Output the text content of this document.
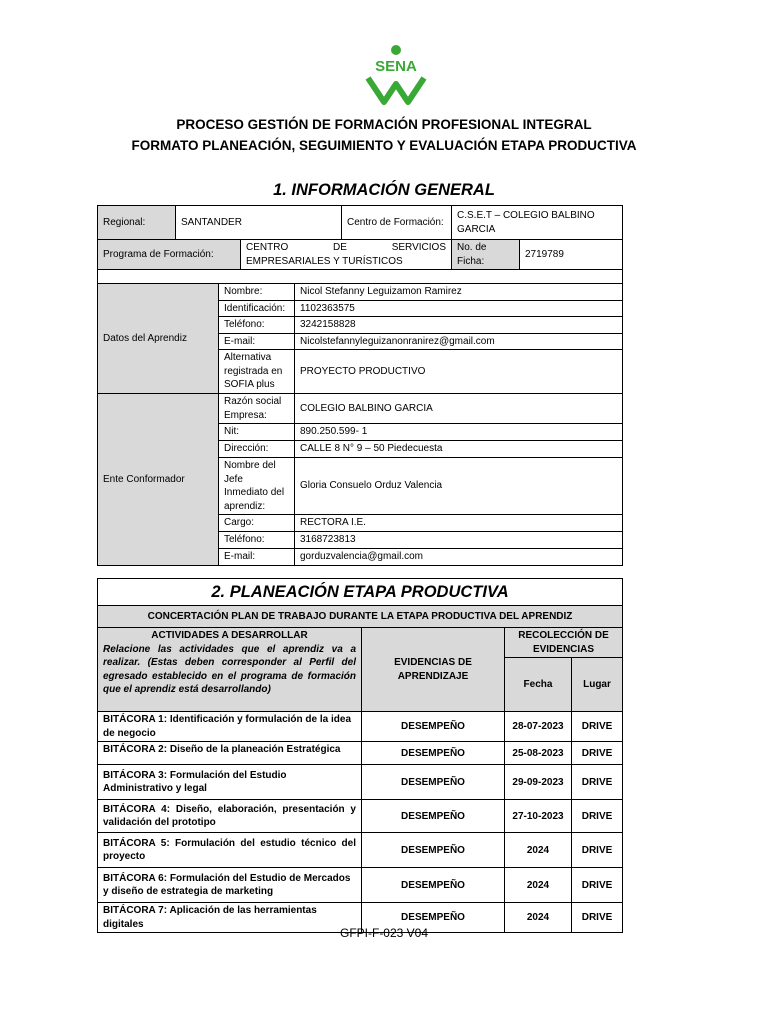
SENA
PROCESO GESTIÓN DE FORMACIÓN PROFESIONAL INTEGRAL
FORMATO PLANEACIÓN, SEGUIMIENTO Y EVALUACIÓN ETAPA PRODUCTIVA
1. INFORMACIÓN GENERAL
Regional:	SANTANDER	Centro de Formación:	C.S.E.T – COLEGIO BALBINO GARCIA
Programa de Formación:	CENTRO DE SERVICIOS EMPRESARIALES Y TURÍSTICOS	No. de Ficha:	2719789

Datos del Aprendiz	Nombre:	Nicol Stefanny Leguizamon Ramirez
	Identificación:	1102363575
	Teléfono:	3242158828
	E-mail:	Nicolstefannyleguizanonranirez@gmail.com
	Alternativa registrada en SOFIA plus	PROYECTO PRODUCTIVO
Ente Conformador	Razón social Empresa:	COLEGIO BALBINO GARCIA
	Nit:	890.250.599- 1
	Dirección:	CALLE 8 N° 9 – 50 Piedecuesta
	Nombre del Jefe Inmediato del aprendiz:	Gloria Consuelo Orduz Valencia
	Cargo:	RECTORA I.E.
	Teléfono:	3168723813
	E-mail:	gorduzvalencia@gmail.com
2. PLANEACIÓN ETAPA PRODUCTIVA			
CONCERTACIÓN PLAN DE TRABAJO DURANTE LA ETAPA PRODUCTIVA DEL APRENDIZ			

ACTIVIDADES A DESARROLLAR
Relacione las actividades que el aprendiz va a realizar. (Estas deben corresponder al Perfil del egresado establecido en el programa de formación que el aprendiz está desarrollando)	EVIDENCIAS DE APRENDIZAJE	RECOLECCIÓN DE EVIDENCIAS	
		Fecha	Lugar
BITÁCORA 1: Identificación y formulación de la idea de negocio	DESEMPEÑO	28-07-2023	DRIVE
BITÁCORA 2: Diseño de la planeación Estratégica	DESEMPEÑO	25-08-2023	DRIVE
BITÁCORA 3: Formulación del Estudio Administrativo y legal	DESEMPEÑO	29-09-2023	DRIVE
BITÁCORA 4: Diseño, elaboración, presentación y validación del prototipo	DESEMPEÑO	27-10-2023	DRIVE
BITÁCORA 5: Formulación del estudio técnico del proyecto	DESEMPEÑO	2024	DRIVE
BITÁCORA 6: Formulación del Estudio de Mercados y diseño de estrategia de marketing	DESEMPEÑO	2024	DRIVE
BITÁCORA 7: Aplicación de las herramientas digitales	DESEMPEÑO	2024	DRIVE
GFPI-F-023 V04
